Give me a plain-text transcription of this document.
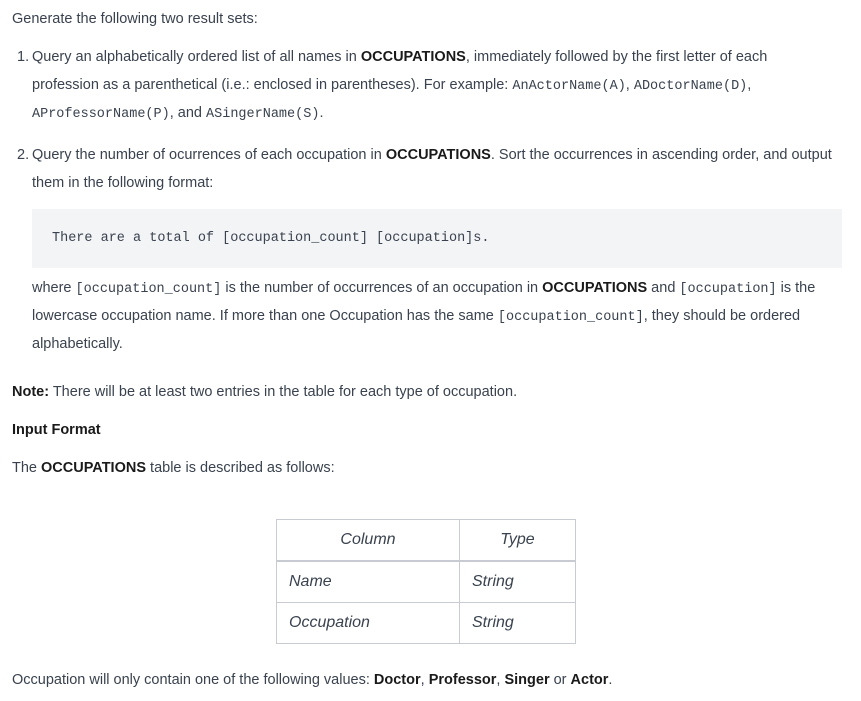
Generate the following two result sets:
1. Query an alphabetically ordered list of all names in OCCUPATIONS, immediately followed by the first letter of each
profession as a parenthetical (i.e.: enclosed in parentheses). For example: AnActorName(A), ADoctorName(D),
AProfessorName(P), and ASingerName(S).
2. Query the number of ocurrences of each occupation in OCCUPATIONS. Sort the occurrences in ascending order, and output
them in the following format:
There are a total of [occupation_count] [occupation]s.
where [occupation_count] is the number of occurrences of an occupation in OCCUPATIONS and [occupation] is the
lowercase occupation name. If more than one Occupation has the same [occupation_count], they should be ordered
alphabetically.
Note: There will be at least two entries in the table for each type of occupation.
Input Format
The OCCUPATIONS table is described as follows:
Column	Type
Name	String
Occupation	String
Occupation will only contain one of the following values: Doctor, Professor, Singer or Actor.
